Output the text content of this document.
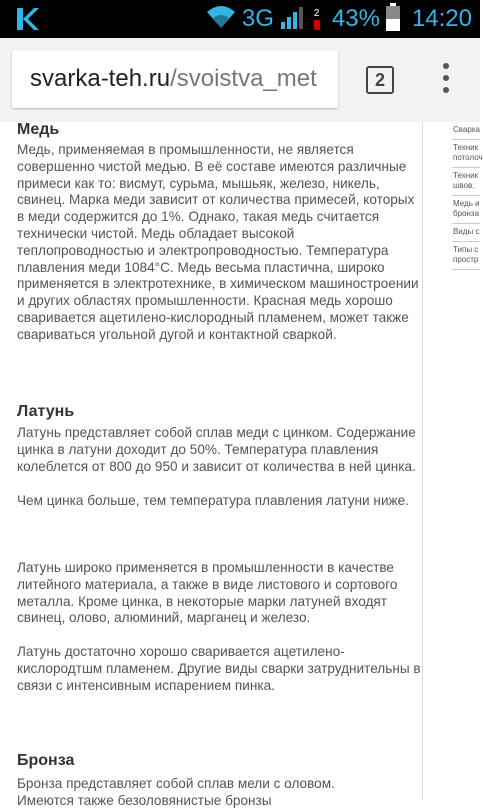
3G	2 43% 14:20
svarka-teh.ru/svoistva_met	2
Медь

Медь, применяемая в промышленности, не является совершенно чистой медью. В её составе имеются различные примеси как то: висмут, сурьма, мышьяк, железо, никель, свинец. Марка меди зависит от количества примесей, которых в меди содержится до 1%. Однако, такая медь считается технически чистой. Медь обладает высокой теплопроводностью и электропроводностью. Температура плавления меди 1084°C. Медь весьма пластична, широко применяется в электротехнике, в химическом машиностроении и других областях промышленности. Красная медь хорошо сваривается ацетилено-кислородный пламенем, может также свариваться угольной дугой и контактной сваркой.

Латунь

Латунь представляет собой сплав меди с цинком. Содержание цинка в латуни доходит до 50%. Температура плавления колеблется от 800 до 950 и зависит от количества в ней цинка.

Чем цинка больше, тем температура плавления латуни ниже.

Латунь широко применяется в промышленности в качестве литейного материала, а также в виде листового и сортового металла. Кроме цинка, в некоторые марки латуней входят свинец, олово, алюминий, марганец и железо.

Латунь достаточно хорошо сваривается ацетилено-кислородтшм пламенем. Другие виды сварки затруднительны в связи с интенсивным испарением пинка.

Бронза

Бронза представляет собой сплав мели с оловом.

Имеются также безоловянистые бронзы

Сварка
Техник потолоч
Техник швов.
Медь и бронза
Виды с
Типы с простр
